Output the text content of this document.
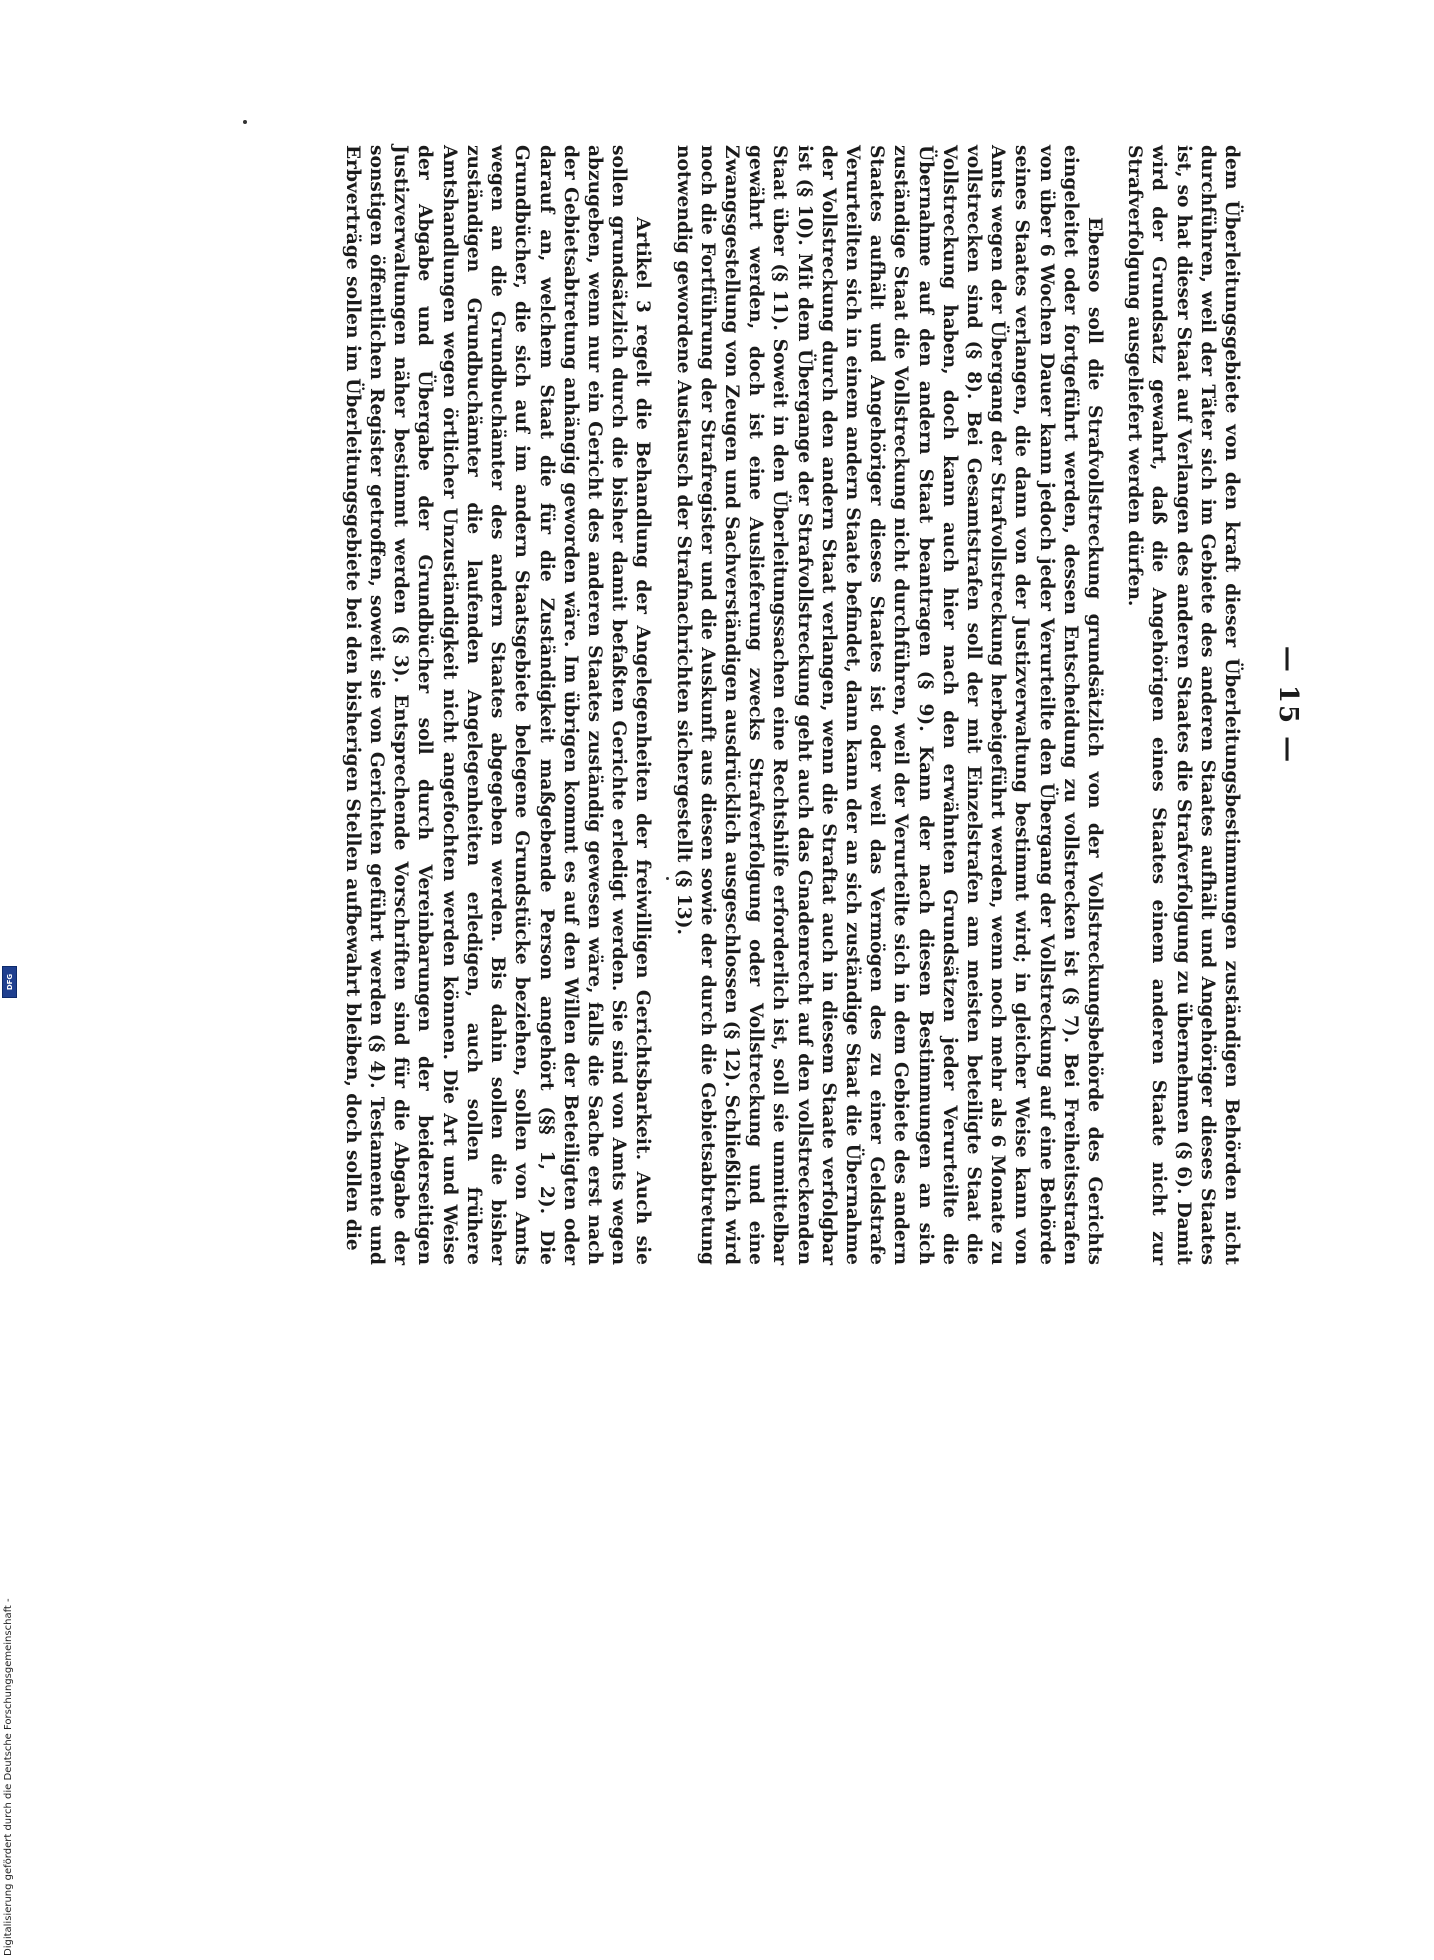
— 15 —

dem Überleitungsgebiete von den kraft dieser Überleitungsbestimmungen zuständigen Behörden nicht durchführen, weil der Täter sich im Gebiete des anderen Staates aufhält und Angehöriger dieses Staates ist, so hat dieser Staat auf Verlangen des anderen Staates die Strafverfolgung zu übernehmen (§ 6). Damit wird der Grundsatz gewahrt, daß die Angehörigen eines Staates einem anderen Staate nicht zur Strafverfolgung ausgeliefert werden dürfen.

Ebenso soll die Strafvollstreckung grundsätzlich von der Vollstreckungsbehörde des Gerichts eingeleitet oder fortgeführt werden, dessen Entscheidung zu vollstrecken ist (§ 7). Bei Freiheitsstrafen von über 6 Wochen Dauer kann jedoch jeder Verurteilte den Übergang der Vollstreckung auf eine Behörde seines Staates verlangen, die dann von der Justizverwaltung bestimmt wird; in gleicher Weise kann von Amts wegen der Übergang der Strafvollstreckung herbeigeführt werden, wenn noch mehr als 6 Monate zu vollstrecken sind (§ 8). Bei Gesamtstrafen soll der mit Einzelstrafen am meisten beteiligte Staat die Vollstreckung haben, doch kann auch hier nach den erwähnten Grundsätzen jeder Verurteilte die Übernahme auf den andern Staat beantragen (§ 9). Kann der nach diesen Bestimmungen an sich zuständige Staat die Vollstreckung nicht durchführen, weil der Verurteilte sich in dem Gebiete des andern Staates aufhält und Angehöriger dieses Staates ist oder weil das Vermögen des zu einer Geldstrafe Verurteilten sich in einem andern Staate befindet, dann kann der an sich zuständige Staat die Übernahme der Vollstreckung durch den andern Staat verlangen, wenn die Straftat auch in diesem Staate verfolgbar ist (§ 10). Mit dem Übergange der Strafvollstreckung geht auch das Gnadenrecht auf den vollstreckenden Staat über (§ 11). Soweit in den Überleitungssachen eine Rechtshilfe erforderlich ist, soll sie unmittelbar gewährt werden, doch ist eine Auslieferung zwecks Strafverfolgung oder Vollstreckung und eine Zwangsgestellung von Zeugen und Sachverständigen ausdrücklich ausgeschlossen (§ 12). Schließlich wird noch die Fortführung der Strafregister und die Auskunft aus diesen sowie der durch die Gebietsabtretung notwendig gewordene Austausch der Strafnachrichten sichergestellt (§ 13).

Artikel 3 regelt die Behandlung der Angelegenheiten der freiwilligen Gerichtsbarkeit. Auch sie sollen grundsätzlich durch die bisher damit befaßten Gerichte erledigt werden. Sie sind von Amts wegen abzugeben, wenn nur ein Gericht des anderen Staates zuständig gewesen wäre, falls die Sache erst nach der Gebietsabtretung anhängig geworden wäre. Im übrigen kommt es auf den Willen der Beteiligten oder darauf an, welchem Staat die für die Zuständigkeit maßgebende Person angehört (§§ 1, 2). Die Grundbücher, die sich auf im andern Staatsgebiete belegene Grundstücke beziehen, sollen von Amts wegen an die Grundbuchämter des andern Staates abgegeben werden. Bis dahin sollen die bisher zuständigen Grundbuchämter die laufenden Angelegenheiten erledigen, auch sollen frühere Amtshandlungen wegen örtlicher Unzuständigkeit nicht angefochten werden können. Die Art und Weise der Abgabe und Übergabe der Grundbücher soll durch Vereinbarungen der beiderseitigen Justizverwaltungen näher bestimmt werden (§ 3). Entsprechende Vorschriften sind für die Abgabe der sonstigen öffentlichen Register getroffen, soweit sie von Gerichten geführt werden (§ 4). Testamente und Erbverträge sollen im Überleitungsgebiete bei den bisherigen Stellen aufbewahrt bleiben, doch sollen die

Digitalisierung gefördert durch die Deutsche Forschungsgemeinschaft -
DFG
